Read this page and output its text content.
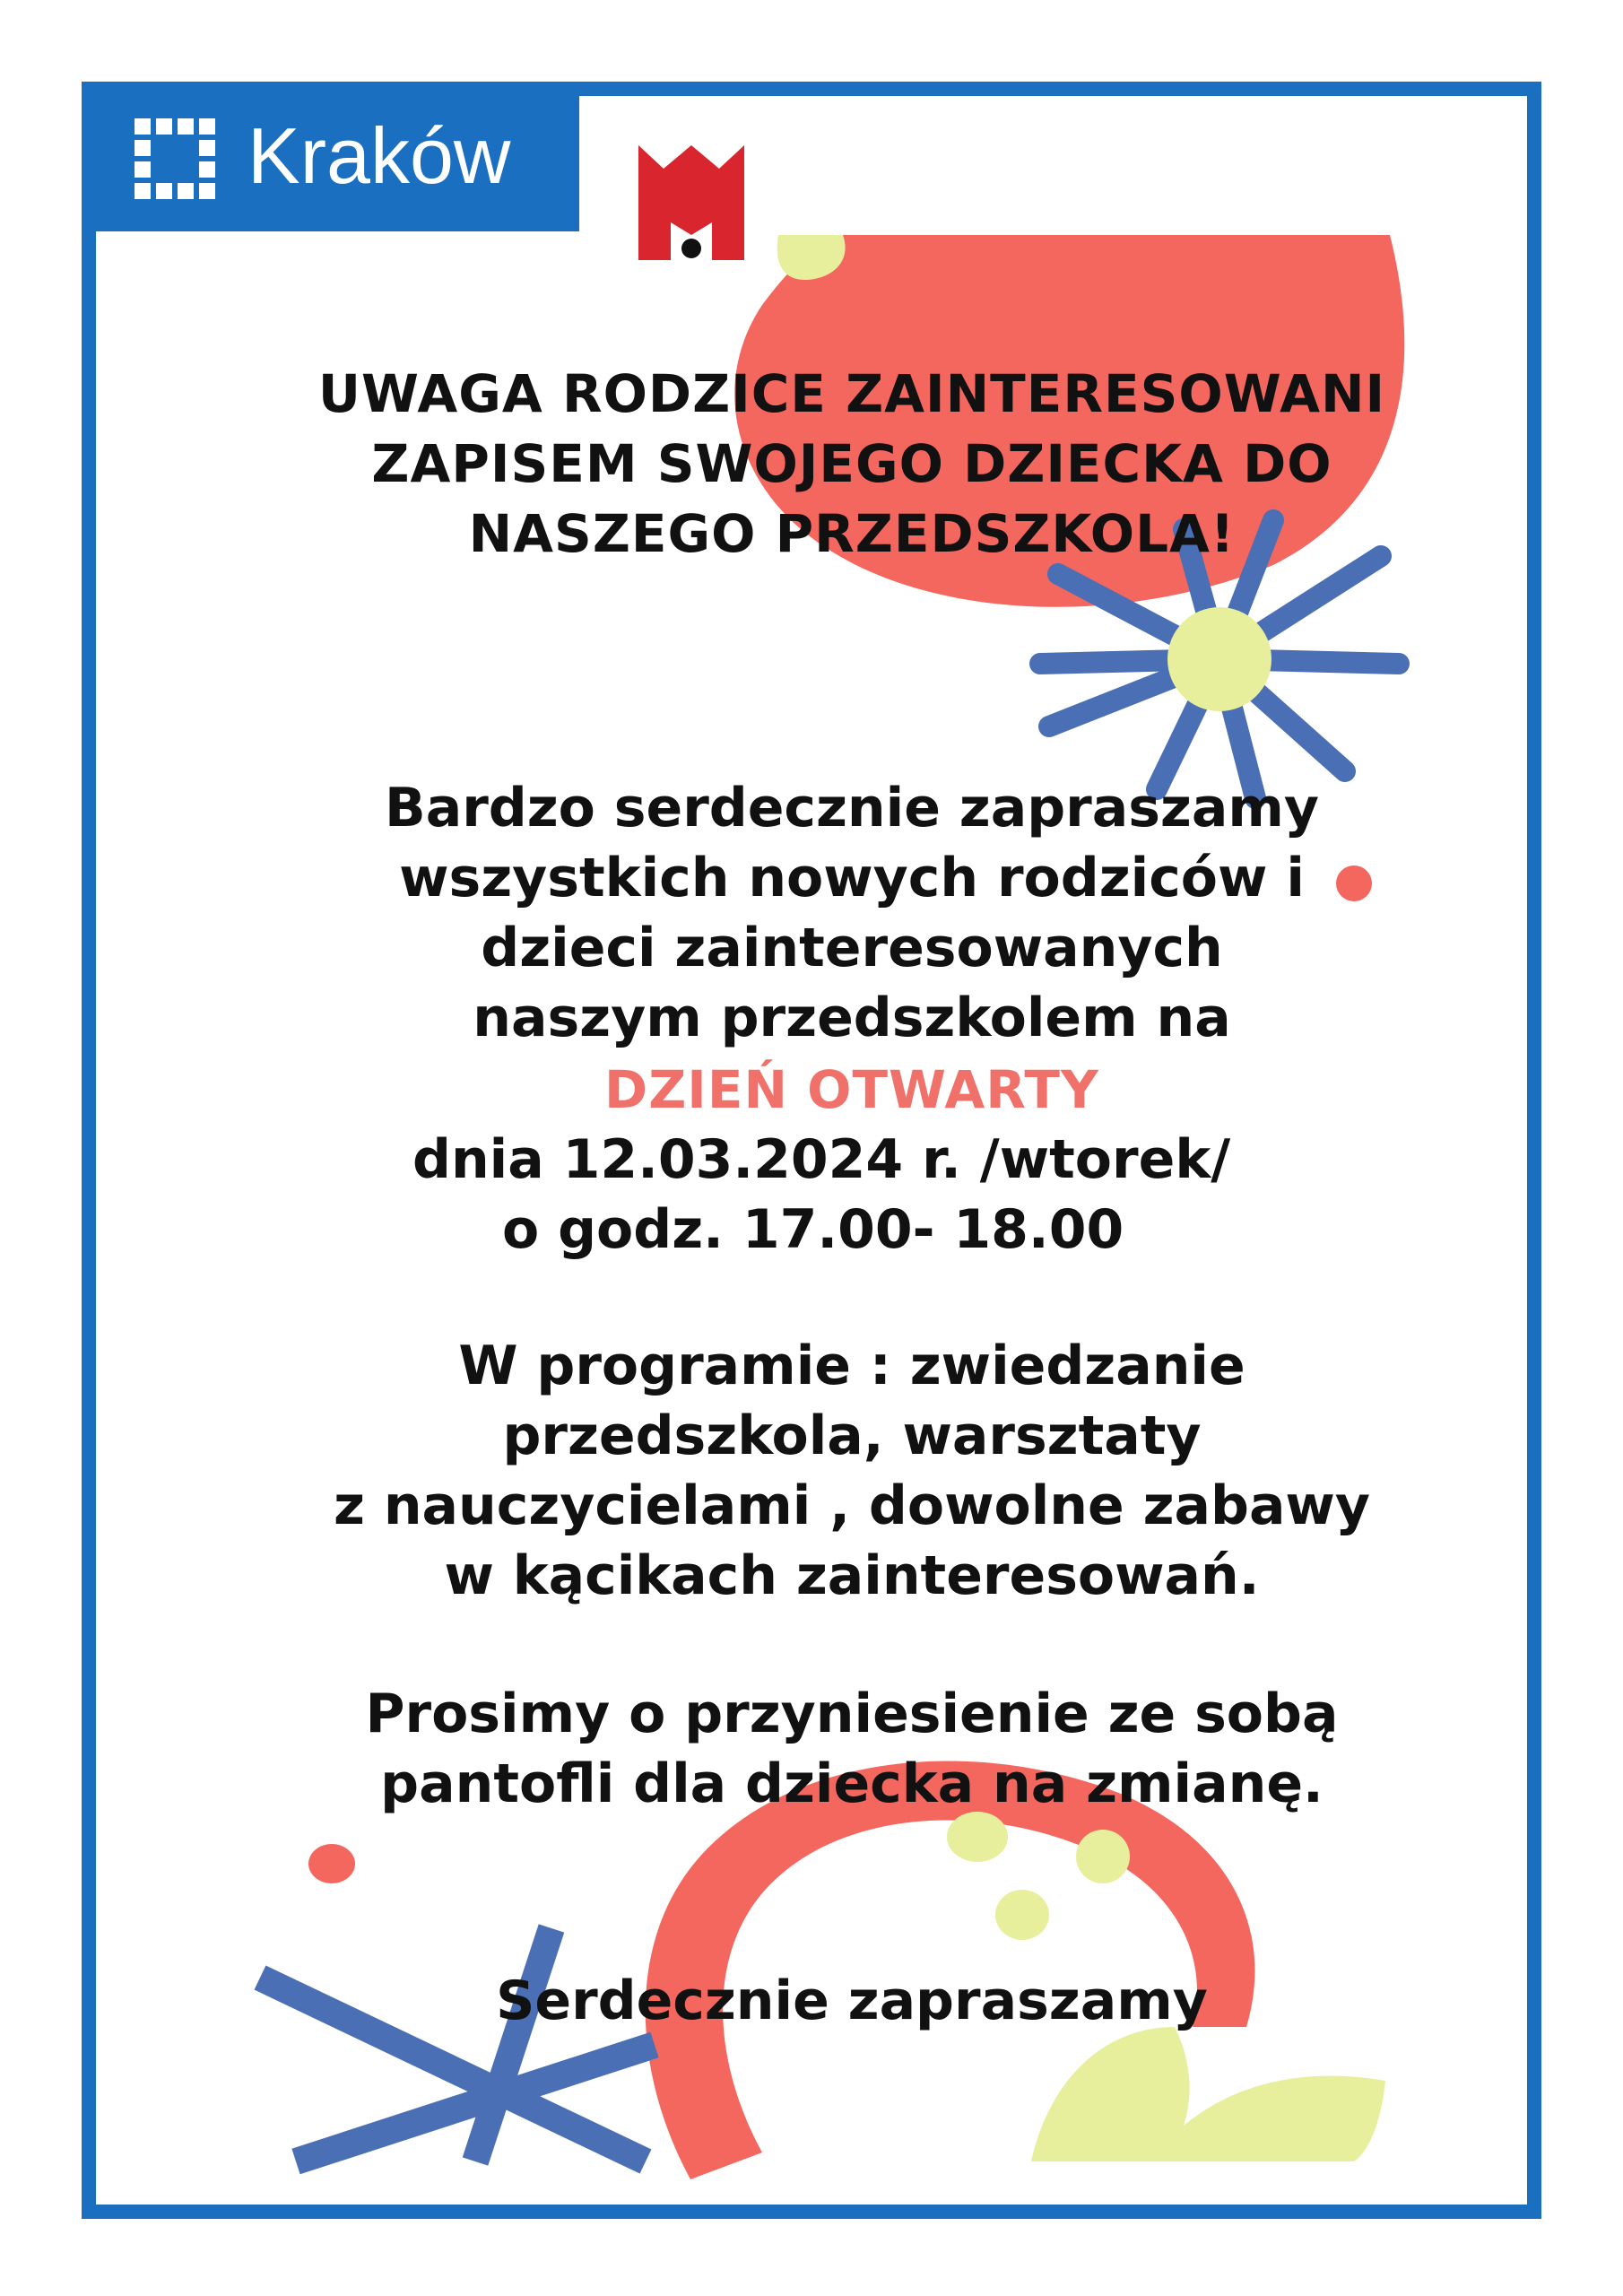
Kraków
UWAGA RODZICE ZAINTERESOWANI
ZAPISEM SWOJEGO DZIECKA DO
NASZEGO PRZEDSZKOLA!
Bardzo serdecznie zapraszamy
wszystkich nowych rodziców i
dzieci zainteresowanych
naszym przedszkolem na
DZIEŃ OTWARTY
dnia 12.03.2024 r. /wtorek/
o godz. 17.00- 18.00
W programie : zwiedzanie
przedszkola, warsztaty
z nauczycielami , dowolne zabawy
w kącikach zainteresowań.
Prosimy o przyniesienie ze sobą
pantofli dla dziecka na zmianę.
Serdecznie zapraszamy
